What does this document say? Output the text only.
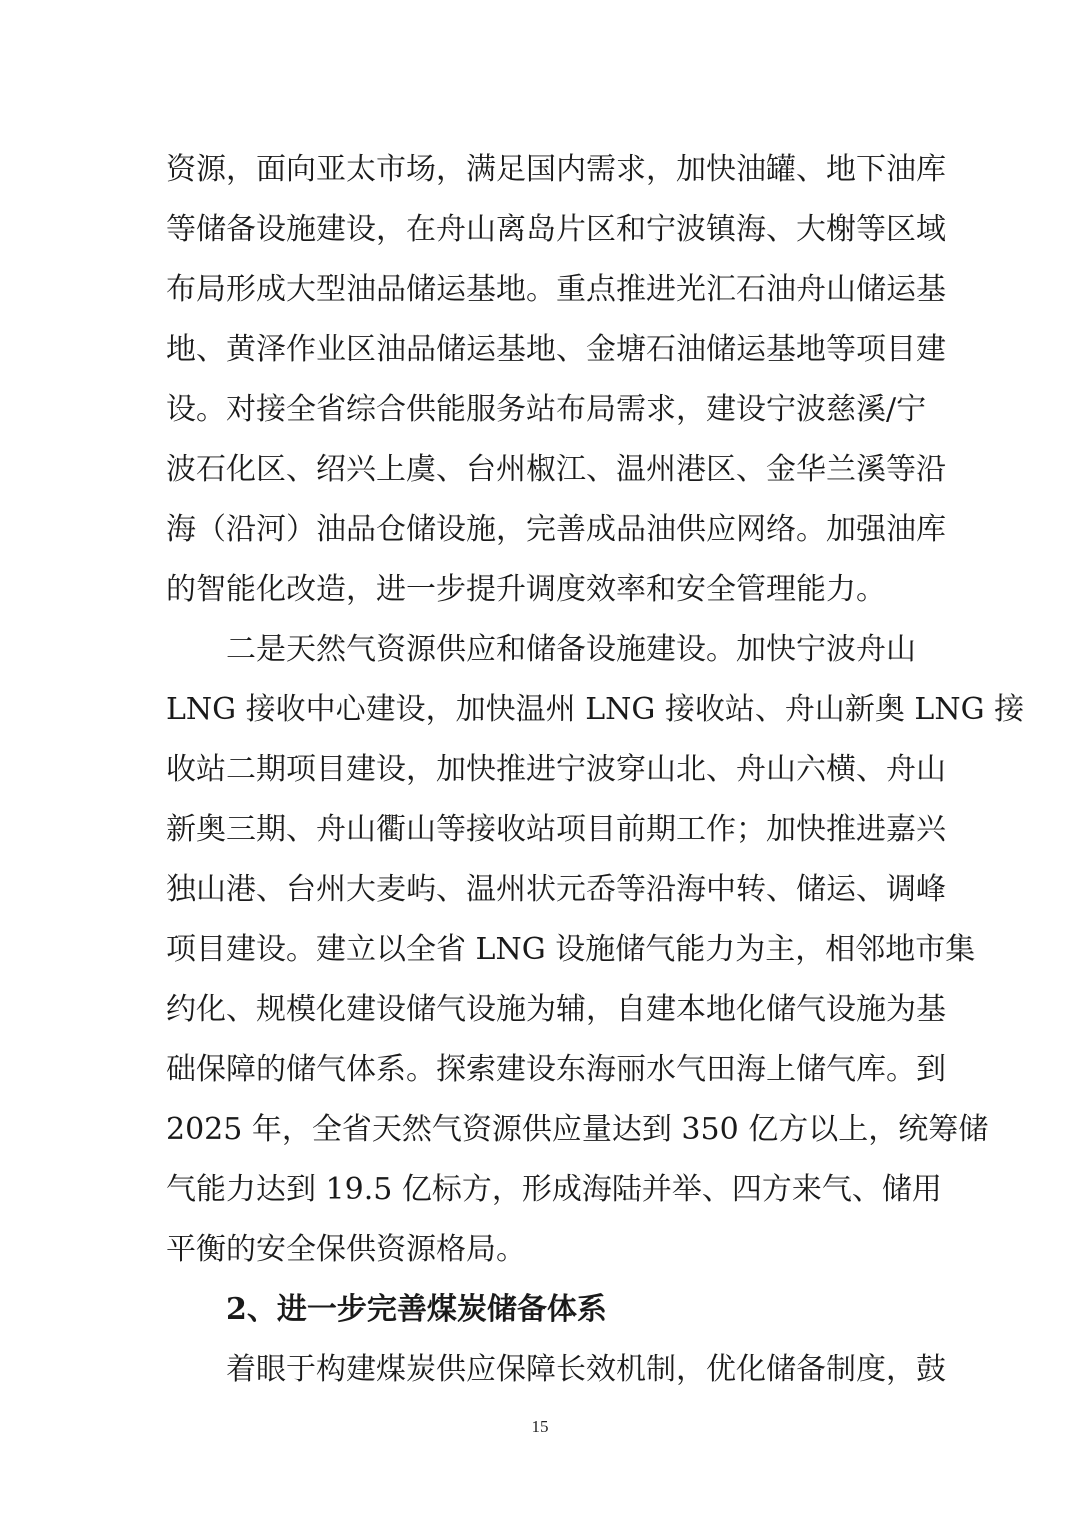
资源，面向亚太市场，满足国内需求，加快油罐、地下油库
等储备设施建设，在舟山离岛片区和宁波镇海、大榭等区域
布局形成大型油品储运基地。重点推进光汇石油舟山储运基
地、黄泽作业区油品储运基地、金塘石油储运基地等项目建
设。对接全省综合供能服务站布局需求，建设宁波慈溪/宁
波石化区、绍兴上虞、台州椒江、温州港区、金华兰溪等沿
海（沿河）油品仓储设施，完善成品油供应网络。加强油库
的智能化改造，进一步提升调度效率和安全管理能力。
二是天然气资源供应和储备设施建设。加快宁波舟山
LNG 接收中心建设，加快温州 LNG 接收站、舟山新奥 LNG 接
收站二期项目建设，加快推进宁波穿山北、舟山六横、舟山
新奥三期、舟山衢山等接收站项目前期工作；加快推进嘉兴
独山港、台州大麦屿、温州状元岙等沿海中转、储运、调峰
项目建设。建立以全省 LNG 设施储气能力为主，相邻地市集
约化、规模化建设储气设施为辅，自建本地化储气设施为基
础保障的储气体系。探索建设东海丽水气田海上储气库。到
2025 年，全省天然气资源供应量达到 350 亿方以上，统筹储
气能力达到 19.5 亿标方，形成海陆并举、四方来气、储用
平衡的安全保供资源格局。
2、进一步完善煤炭储备体系
着眼于构建煤炭供应保障长效机制，优化储备制度，鼓
15
